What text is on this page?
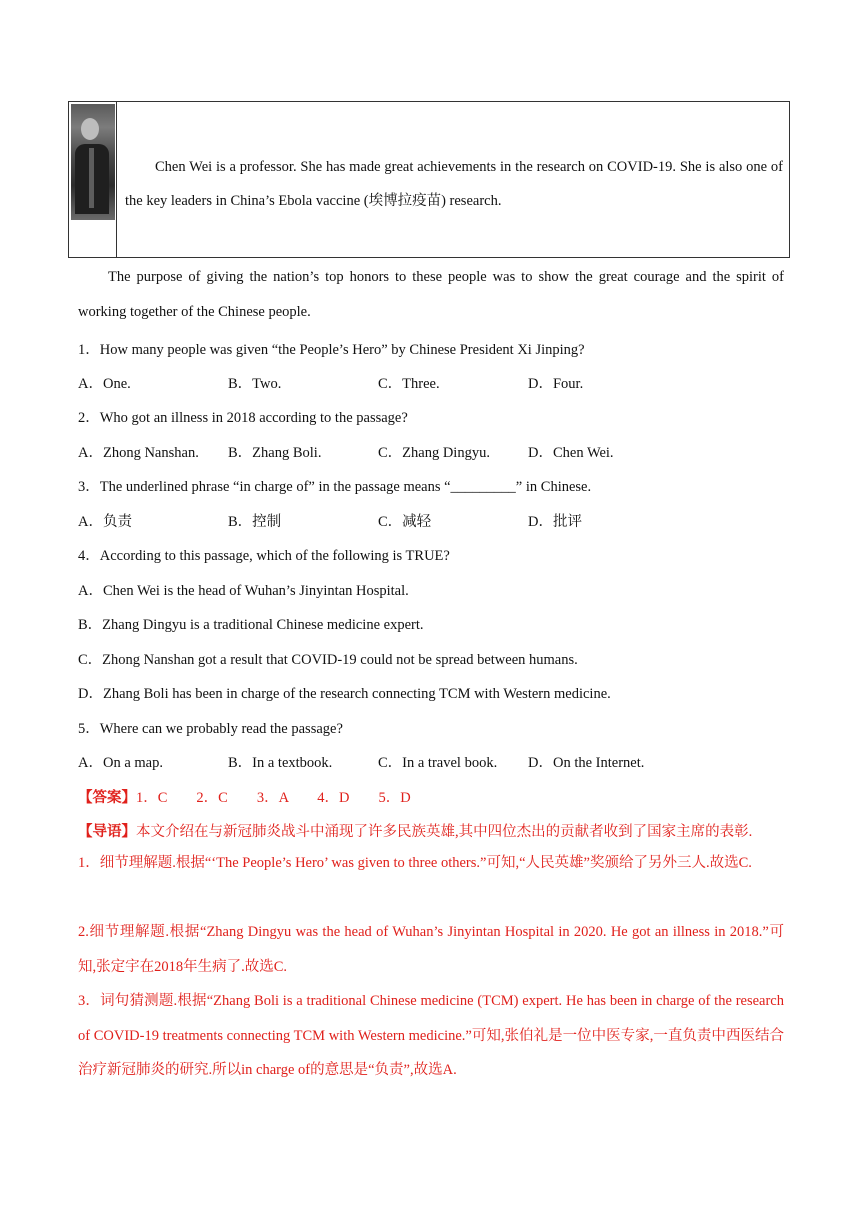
Chen Wei is a professor. She has made great achievements in the research on COVID-19. She is also one of the key leaders in China’s Ebola vaccine (埃博拉疫苗) research.
The purpose of giving the nation’s top honors to these people was to show the great courage and the spirit of working together of the Chinese people.
1．How many people was given “the People’s Hero” by Chinese President Xi Jinping?
A．One.	B．Two.	C．Three.	D．Four.
2．Who got an illness in 2018 according to the passage?
A．Zhong Nanshan. B．Zhang Boli.	C．Zhang Dingyu.	D．Chen Wei.
3．The underlined phrase “in charge of” in the passage means “_________” in Chinese.
A．负责	B．控制	C．减轻	D．批评
4．According to this passage, which of the following is TRUE?
A．Chen Wei is the head of Wuhan’s Jinyintan Hospital.
B．Zhang Dingyu is a traditional Chinese medicine expert.
C．Zhong Nanshan got a result that COVID-19 could not be spread between humans.
D．Zhang Boli has been in charge of the research connecting TCM with Western medicine.
5．Where can we probably read the passage?
A．On a map.	B．In a textbook.	C．In a travel book. D．On the Internet.
【答案】1．C　　2．C　　3．A　　4．D　　5．D
【导语】本文介绍在与新冠肺炎战斗中涌现了许多民族英雄,其中四位杰出的贡献者收到了国家主席的表彰.
1．细节理解题.根据“‘The People’s Hero’ was given to three others.”可知,“人民英雄”奖颁给了另外三人.故选C.
2.细节理解题.根据“Zhang Dingyu was the head of Wuhan’s Jinyintan Hospital in 2020. He got an illness in 2018.”可知,张定宇在2018年生病了.故选C.
3．词句猜测题.根据“Zhang Boli is a traditional Chinese medicine (TCM) expert. He has been in charge of the research of COVID-19 treatments connecting TCM with Western medicine.”可知,张伯礼是一位中医专家,一直负责中西医结合治疗新冠肺炎的研究.所以in charge of的意思是“负责”,故选A.
